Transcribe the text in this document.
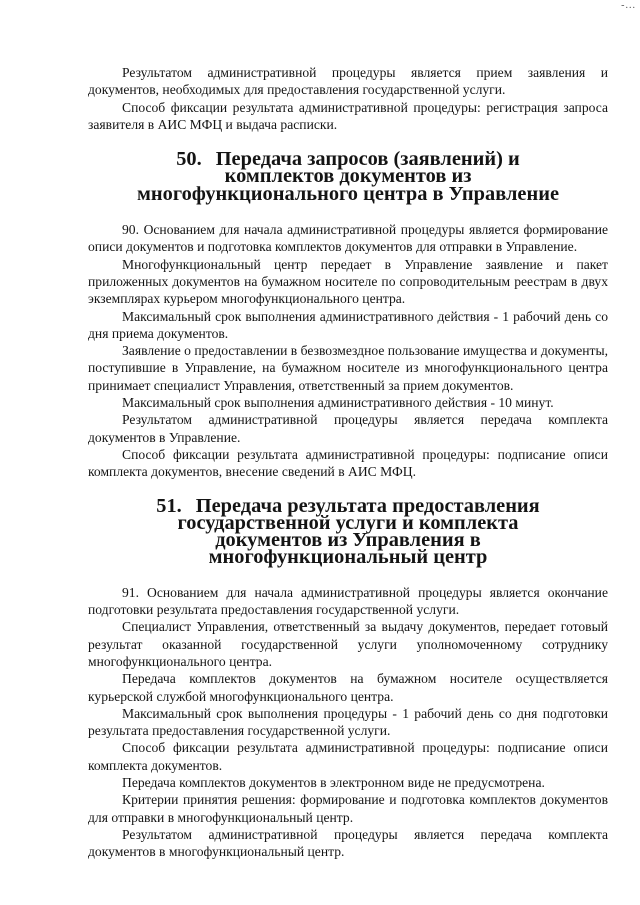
-...

Результатом административной процедуры является прием заявления и документов, необходимых для предоставления государственной услуги.

Способ фиксации результата административной процедуры: регистрация запроса заявителя в АИС МФЦ и выдача расписки.

50. Передача запросов (заявлений) и комплектов документов из многофункционального центра в Управление

90. Основанием для начала административной процедуры является формирование описи документов и подготовка комплектов документов для отправки в Управление.

Многофункциональный центр передает в Управление заявление и пакет приложенных документов на бумажном носителе по сопроводительным реестрам в двух экземплярах курьером многофункционального центра.

Максимальный срок выполнения административного действия - 1 рабочий день со дня приема документов.

Заявление о предоставлении в безвозмездное пользование имущества и документы, поступившие в Управление, на бумажном носителе из многофункционального центра принимает специалист Управления, ответственный за прием документов.

Максимальный срок выполнения административного действия - 10 минут.

Результатом административной процедуры является передача комплекта документов в Управление.

Способ фиксации результата административной процедуры: подписание описи комплекта документов, внесение сведений в АИС МФЦ.

51. Передача результата предоставления государственной услуги и комплекта документов из Управления в многофункциональный центр

91. Основанием для начала административной процедуры является окончание подготовки результата предоставления государственной услуги.

Специалист Управления, ответственный за выдачу документов, передает готовый результат оказанной государственной услуги уполномоченному сотруднику многофункционального центра.

Передача комплектов документов на бумажном носителе осуществляется курьерской службой многофункционального центра.

Максимальный срок выполнения процедуры - 1 рабочий день со дня подготовки результата предоставления государственной услуги.

Способ фиксации результата административной процедуры: подписание описи комплекта документов.

Передача комплектов документов в электронном виде не предусмотрена.

Критерии принятия решения: формирование и подготовка комплектов документов для отправки в многофункциональный центр.

Результатом административной процедуры является передача комплекта документов в многофункциональный центр.
